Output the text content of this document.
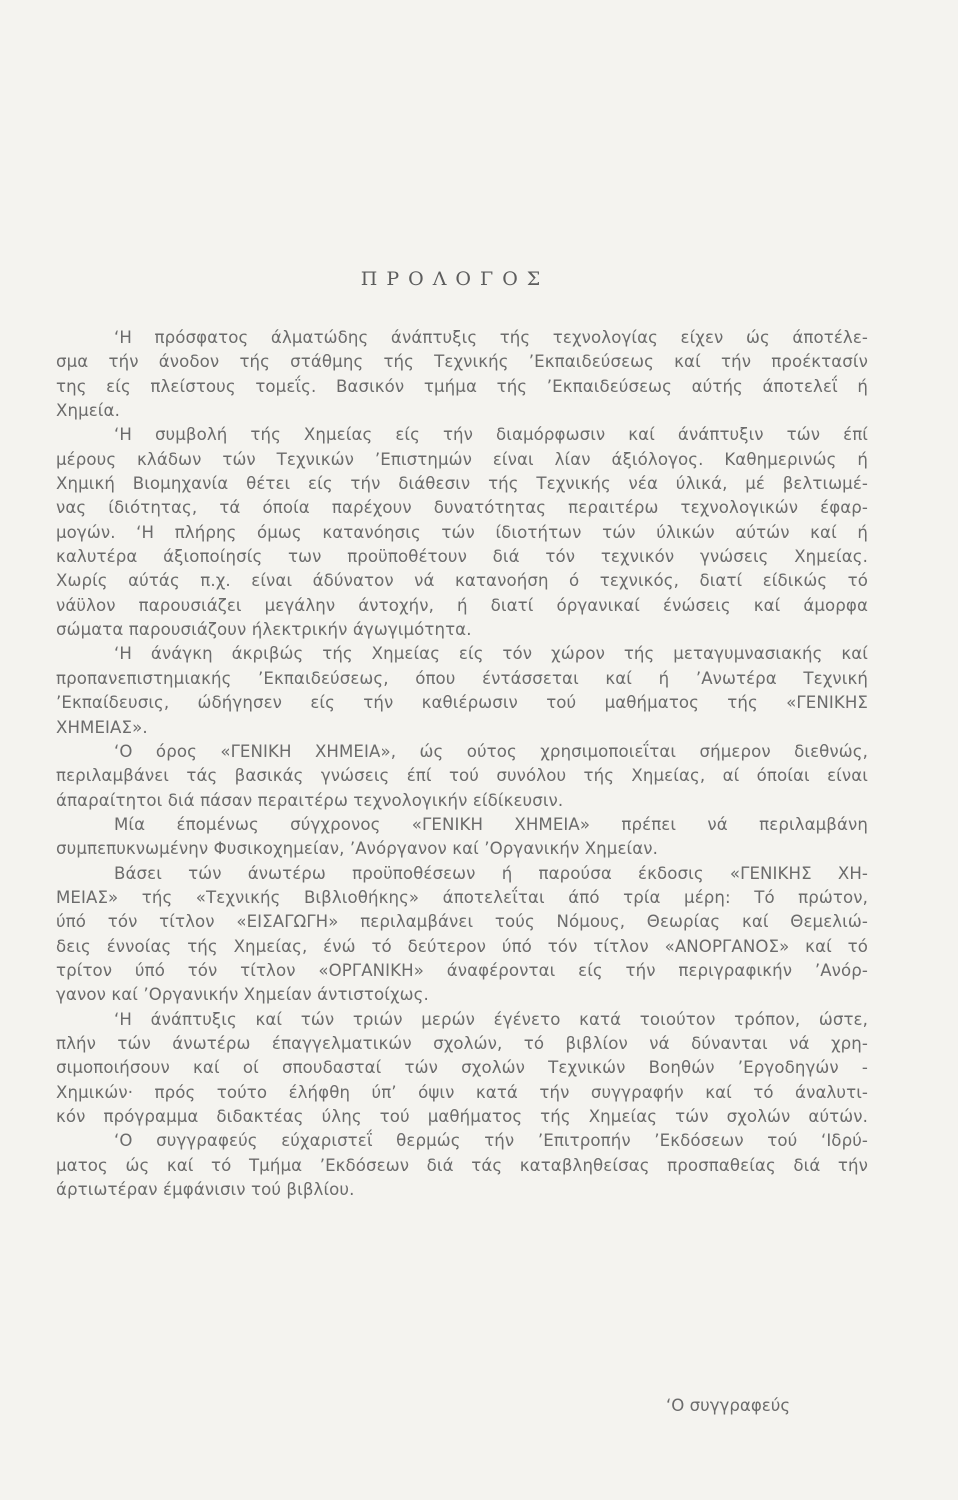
ΠΡΟΛΟΓΟΣ
‘Η πρόσφατος άλματώδης άνάπτυξις τής τεχνολογίας είχεν ώς άποτέλε-
σμα τήν άνοδον τής στάθμης τής Τεχνικής ’Εκπαιδεύσεως καί τήν προέκτασίν
της είς πλείστους τομεΐς. Βασικόν τμήμα τής ’Εκπαιδεύσεως αύτής άποτελεΐ ή
Χημεία.
‘Η συμβολή τής Χημείας είς τήν διαμόρφωσιν καί άνάπτυξιν τών έπί
μέρους κλάδων τών Τεχνικών ’Επιστημών είναι λίαν άξιόλογος. Καθημερινώς ή
Χημική Βιομηχανία θέτει είς τήν διάθεσιν τής Τεχνικής νέα ύλικά, μέ βελτιωμέ-
νας ίδιότητας, τά όποία παρέχουν δυνατότητας περαιτέρω τεχνολογικών έφαρ-
μογών. ‘Η πλήρης όμως κατανόησις τών ίδιοτήτων τών ύλικών αύτών καί ή
καλυτέρα άξιοποίησίς των προϋποθέτουν διά τόν τεχνικόν γνώσεις Χημείας.
Χωρίς αύτάς π.χ. είναι άδύνατον νά κατανοήση ό τεχνικός, διατί είδικώς τό
νάϋλον παρουσιάζει μεγάλην άντοχήν, ή διατί όργανικαί ένώσεις καί άμορφα
σώματα παρουσιάζουν ήλεκτρικήν άγωγιμότητα.
‘Η άνάγκη άκριβώς τής Χημείας είς τόν χώρον τής μεταγυμνασιακής καί
προπανεπιστημιακής ’Εκπαιδεύσεως, όπου έντάσσεται καί ή ’Ανωτέρα Τεχνική
’Εκπαίδευσις, ώδήγησεν είς τήν καθιέρωσιν τού μαθήματος τής «ΓΕΝΙΚΗΣ
ΧΗΜΕΙΑΣ».
‘Ο όρος «ΓΕΝΙΚΗ ΧΗΜΕΙΑ», ώς ούτος χρησιμοποιεΐται σήμερον διεθνώς,
περιλαμβάνει τάς βασικάς γνώσεις έπί τού συνόλου τής Χημείας, αί όποίαι είναι
άπαραίτητοι διά πάσαν περαιτέρω τεχνολογικήν είδίκευσιν.
Μία έπομένως σύγχρονος «ΓΕΝΙΚΗ ΧΗΜΕΙΑ» πρέπει νά περιλαμβάνη
συμπεπυκνωμένην Φυσικοχημείαν, ’Ανόργανον καί ’Οργανικήν Χημείαν.
Βάσει τών άνωτέρω προϋποθέσεων ή παρούσα έκδοσις «ΓΕΝΙΚΗΣ ΧΗ-
ΜΕΙΑΣ» τής «Τεχνικής Βιβλιοθήκης» άποτελεΐται άπό τρία μέρη: Τό πρώτον,
ύπό τόν τίτλον «ΕΙΣΑΓΩΓΗ» περιλαμβάνει τούς Νόμους, Θεωρίας καί Θεμελιώ-
δεις έννοίας τής Χημείας, ένώ τό δεύτερον ύπό τόν τίτλον «ΑΝΟΡΓΑΝΟΣ» καί τό
τρίτον ύπό τόν τίτλον «ΟΡΓΑΝΙΚΗ» άναφέρονται είς τήν περιγραφικήν ’Ανόρ-
γανον καί ’Οργανικήν Χημείαν άντιστοίχως.
‘Η άνάπτυξις καί τών τριών μερών έγένετο κατά τοιούτον τρόπον, ώστε,
πλήν τών άνωτέρω έπαγγελματικών σχολών, τό βιβλίον νά δύνανται νά χρη-
σιμοποιήσουν καί οί σπουδασταί τών σχολών Τεχνικών Βοηθών ’Εργοδηγών -
Χημικών· πρός τούτο έλήφθη ύπ’ όψιν κατά τήν συγγραφήν καί τό άναλυτι-
κόν πρόγραμμα διδακτέας ύλης τού μαθήματος τής Χημείας τών σχολών αύτών.
‘Ο συγγραφεύς εύχαριστεΐ θερμώς τήν ’Επιτροπήν ’Εκδόσεων τού ‘Ιδρύ-
ματος ώς καί τό Τμήμα ’Εκδόσεων διά τάς καταβληθείσας προσπαθείας διά τήν
άρτιωτέραν έμφάνισιν τού βιβλίου.
‘Ο συγγραφεύς
